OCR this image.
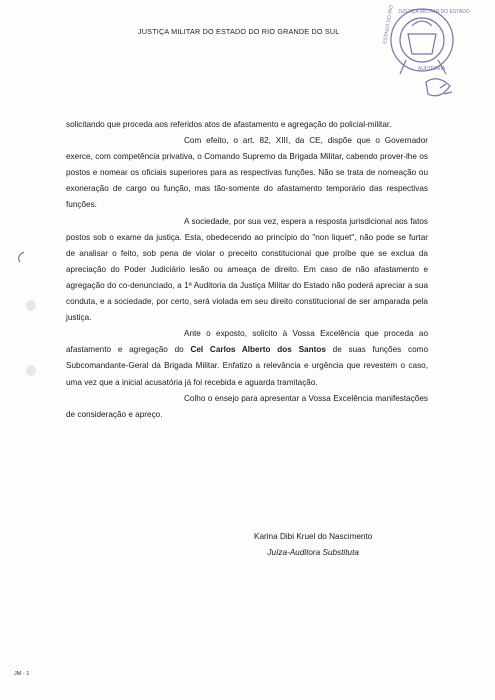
JUSTIÇA MILITAR DO ESTADO DO RIO GRANDE DO SUL
JUSTIÇA MILITAR DO ESTADO
ESTADO DO RIO
AUDITORIA

solicitando que proceda aos referidos atos de afastamento e agregação do policial-militar.

Com efeito, o art. 82, XIII, da CE, dispõe que o Governador exerce, com competência privativa, o Comando Supremo da Brigada Militar, cabendo prover-lhe os postos e nomear os oficiais superiores para as respectivas funções. Não se trata de nomeação ou exoneração de cargo ou função, mas tão-somente do afastamento temporário das respectivas funções.

A sociedade, por sua vez, espera a resposta jurisdicional aos fatos postos sob o exame da justiça. Esta, obedecendo ao princípio do "non liquet", não pode se furtar de analisar o feito, sob pena de violar o preceito constitucional que proíbe que se exclua da apreciação do Poder Judiciário lesão ou ameaça de direito. Em caso de não afastamento e agregação do co-denunciado, a 1ª Auditoria da Justiça Militar do Estado não poderá apreciar a sua conduta, e a sociedade, por certo, será violada em seu direito constitucional de ser amparada pela justiça.

Ante o exposto, solicito à Vossa Excelência que proceda ao afastamento e agregação do Cel Carlos Alberto dos Santos de suas funções como Subcomandante-Geral da Brigada Militar. Enfatizo a relevância e urgência que revestem o caso, uma vez que a inicial acusatória já foi recebida e aguarda tramitação.

Colho o ensejo para apresentar a Vossa Excelência manifestações de consideração e apreço.

Karina Dibi Kruel do Nascimento
Juíza-Auditora Substituta
JM - 1
